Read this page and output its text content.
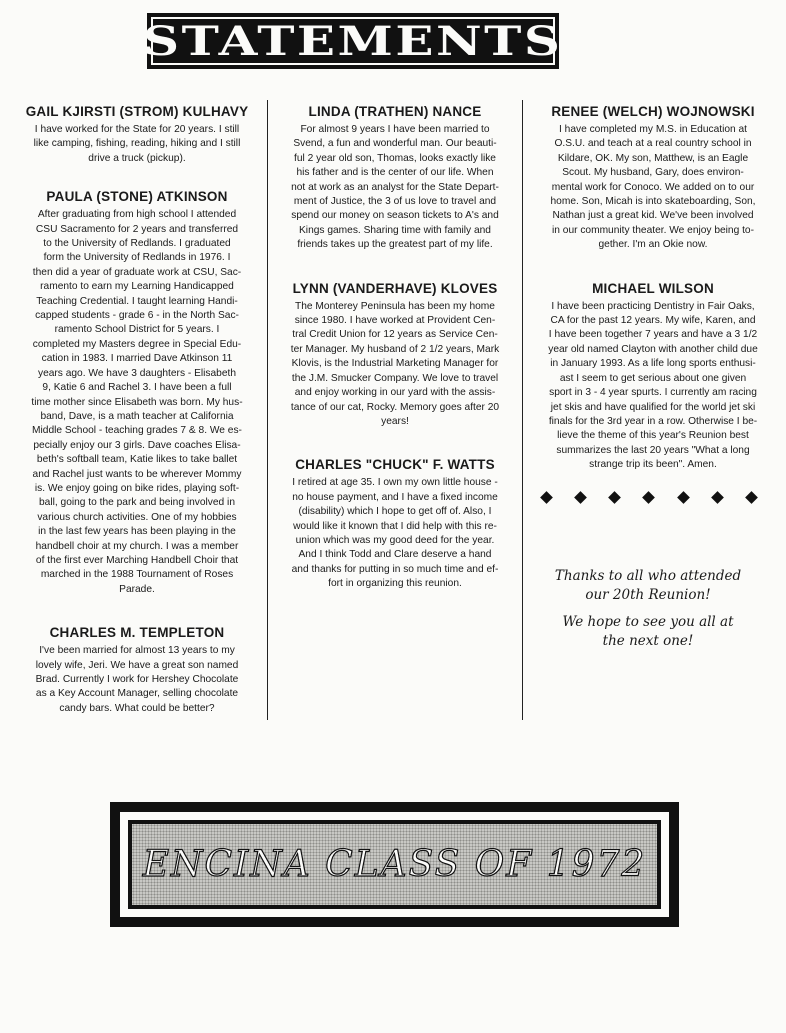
STATEMENTS
GAIL KJIRSTI (STROM) KULHAVY

I have worked for the State for 20 years. I still
like camping, fishing, reading, hiking and I still
drive a truck (pickup).

PAULA (STONE) ATKINSON

After graduating from high school I attended
CSU Sacramento for 2 years and transferred
to the University of Redlands. I graduated
form the University of Redlands in 1976. I
then did a year of graduate work at CSU, Sac-
ramento to earn my Learning Handicapped
Teaching Credential. I taught learning Handi-
capped students - grade 6 - in the North Sac-
ramento School District for 5 years. I
completed my Masters degree in Special Edu-
cation in 1983. I married Dave Atkinson 11
years ago. We have 3 daughters - Elisabeth
9, Katie 6 and Rachel 3. I have been a full
time mother since Elisabeth was born. My hus-
band, Dave, is a math teacher at California
Middle School - teaching grades 7 & 8. We es-
pecially enjoy our 3 girls. Dave coaches Elisa-
beth's softball team, Katie likes to take ballet
and Rachel just wants to be wherever Mommy
is. We enjoy going on bike rides, playing soft-
ball, going to the park and being involved in
various church activities. One of my hobbies
in the last few years has been playing in the
handbell choir at my church. I was a member
of the first ever Marching Handbell Choir that
marched in the 1988 Tournament of Roses
Parade.

CHARLES M. TEMPLETON

I've been married for almost 13 years to my
lovely wife, Jeri. We have a great son named
Brad. Currently I work for Hershey Chocolate
as a Key Account Manager, selling chocolate
candy bars. What could be better?

LINDA (TRATHEN) NANCE

For almost 9 years I have been married to
Svend, a fun and wonderful man. Our beauti-
ful 2 year old son, Thomas, looks exactly like
his father and is the center of our life. When
not at work as an analyst for the State Depart-
ment of Justice, the 3 of us love to travel and
spend our money on season tickets to A's and
Kings games. Sharing time with family and
friends takes up the greatest part of my life.

LYNN (VANDERHAVE) KLOVES

The Monterey Peninsula has been my home
since 1980. I have worked at Provident Cen-
tral Credit Union for 12 years as Service Cen-
ter Manager. My husband of 2 1/2 years, Mark
Klovis, is the Industrial Marketing Manager for
the J.M. Smucker Company. We love to travel
and enjoy working in our yard with the assis-
tance of our cat, Rocky. Memory goes after 20
years!

CHARLES "CHUCK" F. WATTS

I retired at age 35. I own my own little house -
no house payment, and I have a fixed income
(disability) which I hope to get off of. Also, I
would like it known that I did help with this re-
union which was my good deed for the year.
And I think Todd and Clare deserve a hand
and thanks for putting in so much time and ef-
fort in organizing this reunion.

RENEE (WELCH) WOJNOWSKI

I have completed my M.S. in Education at
O.S.U. and teach at a real country school in
Kildare, OK. My son, Matthew, is an Eagle
Scout. My husband, Gary, does environ-
mental work for Conoco. We added on to our
home. Son, Micah is into skateboarding, Son,
Nathan just a great kid. We've been involved
in our community theater. We enjoy being to-
gether. I'm an Okie now.

MICHAEL WILSON

I have been practicing Dentistry in Fair Oaks,
CA for the past 12 years. My wife, Karen, and
I have been together 7 years and have a 3 1/2
year old named Clayton with another child due
in January 1993. As a life long sports enthusi-
ast I seem to get serious about one given
sport in 3 - 4 year spurts. I currently am racing
jet skis and have qualified for the world jet ski
finals for the 3rd year in a row. Otherwise I be-
lieve the theme of this year's Reunion best
summarizes the last 20 years "What a long
strange trip its been". Amen.

Thanks to all who attended
our 20th Reunion!

We hope to see you all at
the next one!

ENCINA CLASS OF 1972
